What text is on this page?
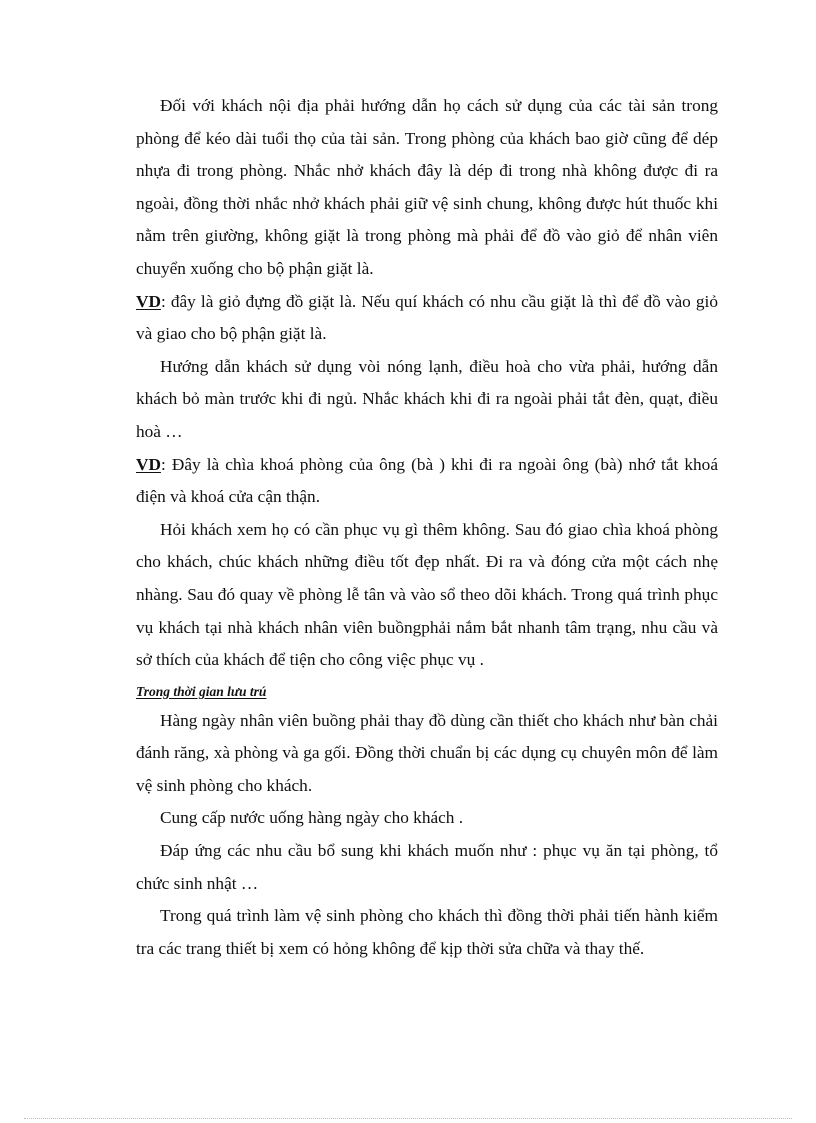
Đối với khách nội địa phải hướng dẫn họ cách sử dụng của các tài sản trong phòng để kéo dài tuổi thọ của tài sản. Trong phòng của khách bao giờ cũng để dép nhựa đi trong phòng. Nhắc nhở khách đây là dép đi trong nhà không được đi ra ngoài, đồng thời nhắc nhở khách phải giữ vệ sinh chung, không được hút thuốc khi nằm trên giường, không giặt là trong phòng mà phải để đồ vào giỏ để nhân viên chuyển xuống cho bộ phận giặt là.

VD: đây là giỏ đựng đồ giặt là. Nếu quí khách có nhu cầu giặt là thì để đồ vào giỏ và giao cho bộ phận giặt là.

Hướng dẫn khách sử dụng vòi nóng lạnh, điều hoà cho vừa phải, hướng dẫn khách bỏ màn trước khi đi ngủ. Nhắc khách khi đi ra ngoài phải tắt đèn, quạt, điều hoà …

VD: Đây là chìa khoá phòng của ông (bà ) khi đi ra ngoài ông (bà) nhớ tắt khoá điện và khoá cửa cận thận.

Hỏi khách xem họ có cần phục vụ gì thêm không. Sau đó giao chìa khoá phòng cho khách, chúc khách những điều tốt đẹp nhất. Đi ra và đóng cửa một cách nhẹ nhàng. Sau đó quay về phòng lễ tân và vào sổ theo dõi khách. Trong quá trình phục vụ khách tại nhà khách nhân viên buồngphải nắm bắt nhanh tâm trạng, nhu cầu và sở thích của khách để tiện cho công việc phục vụ .

Trong thời gian lưu trú

Hàng ngày nhân viên buồng phải thay đồ dùng cần thiết cho khách như bàn chải đánh răng, xà phòng và ga gối. Đồng thời chuẩn bị các dụng cụ chuyên môn để làm vệ sinh phòng cho khách.

Cung cấp nước uống hàng ngày cho khách .

Đáp ứng các nhu cầu bổ sung khi khách muốn như : phục vụ ăn tại phòng, tổ chức sinh nhật …

Trong quá trình làm vệ sinh phòng cho khách thì đồng thời phải tiến hành kiểm tra các trang thiết bị xem có hỏng không để kịp thời sửa chữa và thay thế.
